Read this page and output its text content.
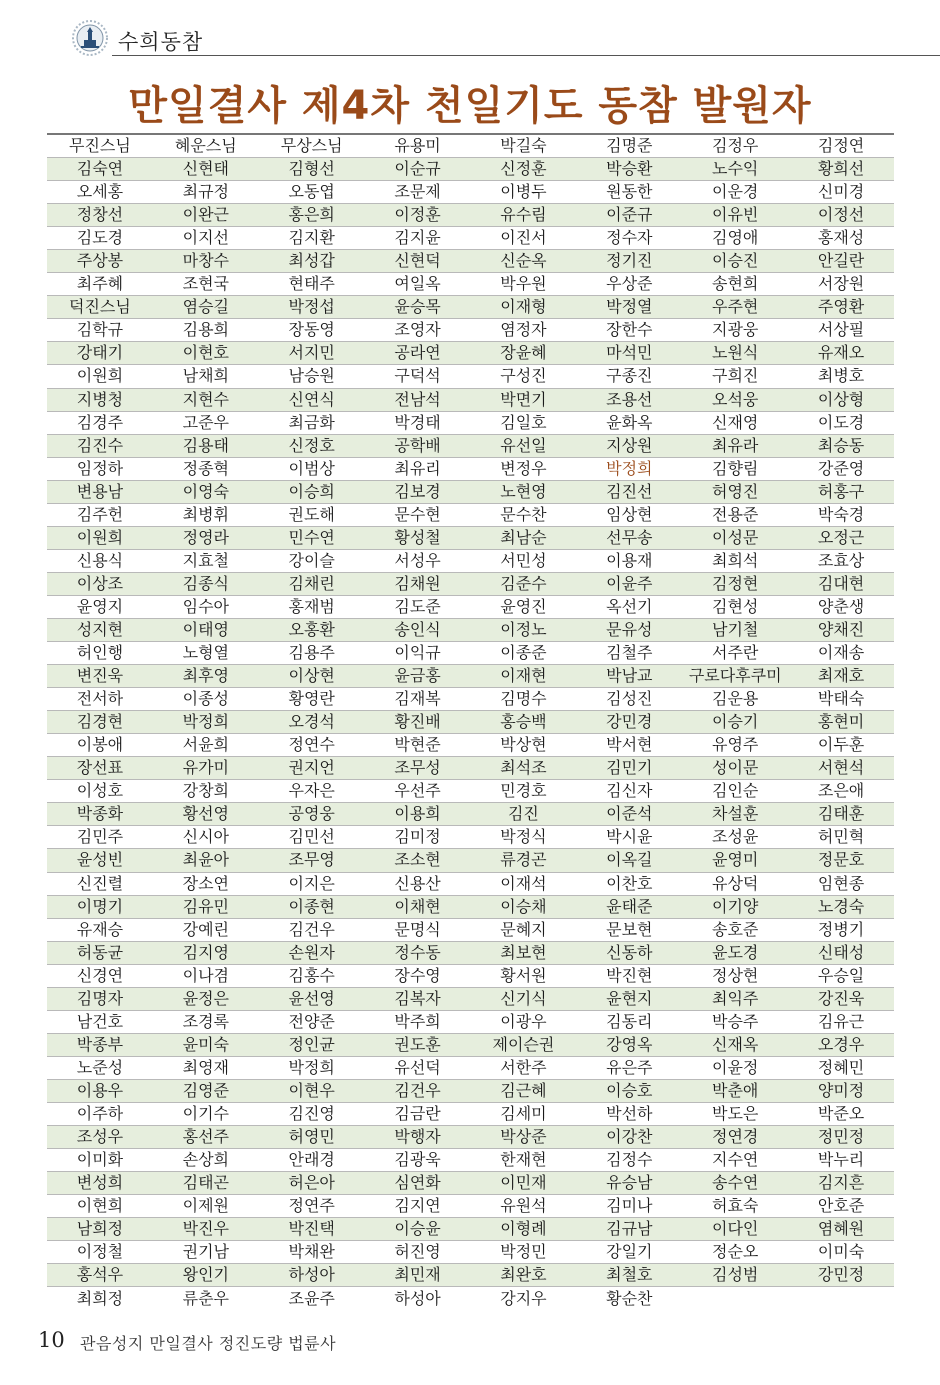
수희동참
만일결사 제4차 천일기도 동참 발원자
무진스님	혜운스님	무상스님	유용미	박길숙	김명준	김정우	김정연
김숙연	신현태	김형선	이순규	신정훈	박승환	노수익	황희선
오세홍	최규정	오동엽	조문제	이병두	원동한	이운경	신미경
정창선	이완근	홍은희	이정훈	유수림	이준규	이유빈	이정선
김도경	이지선	김지환	김지윤	이진서	정수자	김영애	홍재성
주상봉	마창수	최성갑	신현덕	신순옥	정기진	이승진	안길란
최주혜	조현국	현태주	여일옥	박우원	우상준	송현희	서장원
덕진스님	염승길	박정섭	윤승목	이재형	박정열	우주현	주영환
김학규	김용희	장동영	조영자	염정자	장한수	지광웅	서상필
강태기	이현호	서지민	공라연	장윤혜	마석민	노원식	유재오
이원희	남채희	남승원	구덕석	구성진	구종진	구희진	최병호
지병청	지현수	신연식	전남석	박면기	조용선	오석웅	이상형
김경주	고준우	최금화	박경태	김일호	윤화옥	신재영	이도경
김진수	김용태	신정호	공학배	유선일	지상원	최유라	최승동
임정하	정종혁	이범상	최유리	변정우	박정희	김향림	강준영
변용남	이영숙	이승희	김보경	노현영	김진선	허영진	허홍구
김주헌	최병휘	권도해	문수현	문수찬	임상현	전용준	박숙경
이원희	정영라	민수연	황성철	최남순	선무송	이성문	오정근
신용식	지효철	강이슬	서성우	서민성	이용재	최희석	조효상
이상조	김종식	김채린	김채원	김준수	이윤주	김정현	김대현
윤영지	임수아	홍재범	김도준	윤영진	옥선기	김현성	양춘생
성지현	이태영	오홍환	송인식	이정노	문유성	남기철	양채진
허인행	노형열	김용주	이익규	이종준	김철주	서주란	이재송
변진욱	최후영	이상현	윤금홍	이재현	박남교	구로다후쿠미	최재호
전서하	이종성	황영란	김재복	김명수	김성진	김운용	박태숙
김경현	박정희	오경석	황진배	홍승백	강민경	이승기	홍현미
이봉애	서윤희	정연수	박현준	박상현	박서현	유영주	이두훈
장선표	유가미	권지언	조무성	최석조	김민기	성이문	서현석
이성호	강창희	우자은	우선주	민경호	김신자	김인순	조은애
박종화	황선영	공영웅	이용희	김진	이준석	차설훈	김태훈
김민주	신시아	김민선	김미정	박정식	박시윤	조성윤	허민혁
윤성빈	최윤아	조무영	조소현	류경곤	이옥길	윤영미	정문호
신진렬	장소연	이지은	신용산	이재석	이찬호	유상덕	임현종
이명기	김유민	이종현	이채현	이승채	윤태준	이기양	노경숙
유재승	강예린	김건우	문명식	문혜지	문보현	송호준	정병기
허동균	김지영	손원자	정수동	최보현	신동하	윤도경	신태성
신경연	이나겸	김홍수	장수영	황서원	박진현	정상현	우승일
김명자	윤정은	윤선영	김복자	신기식	윤현지	최익주	강진욱
남건호	조경록	전양준	박주희	이광우	김동리	박승주	김유근
박종부	윤미숙	정인균	권도훈	제이슨권	강영옥	신재옥	오경우
노준성	최영재	박정희	유선덕	서한주	유은주	이윤정	정혜민
이용우	김영준	이현우	김건우	김근혜	이승호	박춘애	양미정
이주하	이기수	김진영	김금란	김세미	박선하	박도은	박준오
조성우	홍선주	허영민	박행자	박상준	이강찬	정연경	정민정
이미화	손상희	안래경	김광욱	한재현	김정수	지수연	박누리
변성희	김태곤	허은아	심연화	이민재	유승남	송수연	김지흔
이현희	이제원	정연주	김지연	유원석	김미나	허효숙	안호준
남희정	박진우	박진택	이승윤	이형례	김규남	이다인	염혜원
이정철	권기남	박채완	허진영	박정민	강일기	정순오	이미숙
홍석우	왕인기	하성아	최민재	최완호	최철호	김성범	강민정
최희정	류춘우	조윤주	하성아	강지우	황순찬
10 관음성지 만일결사 정진도량 법륜사
